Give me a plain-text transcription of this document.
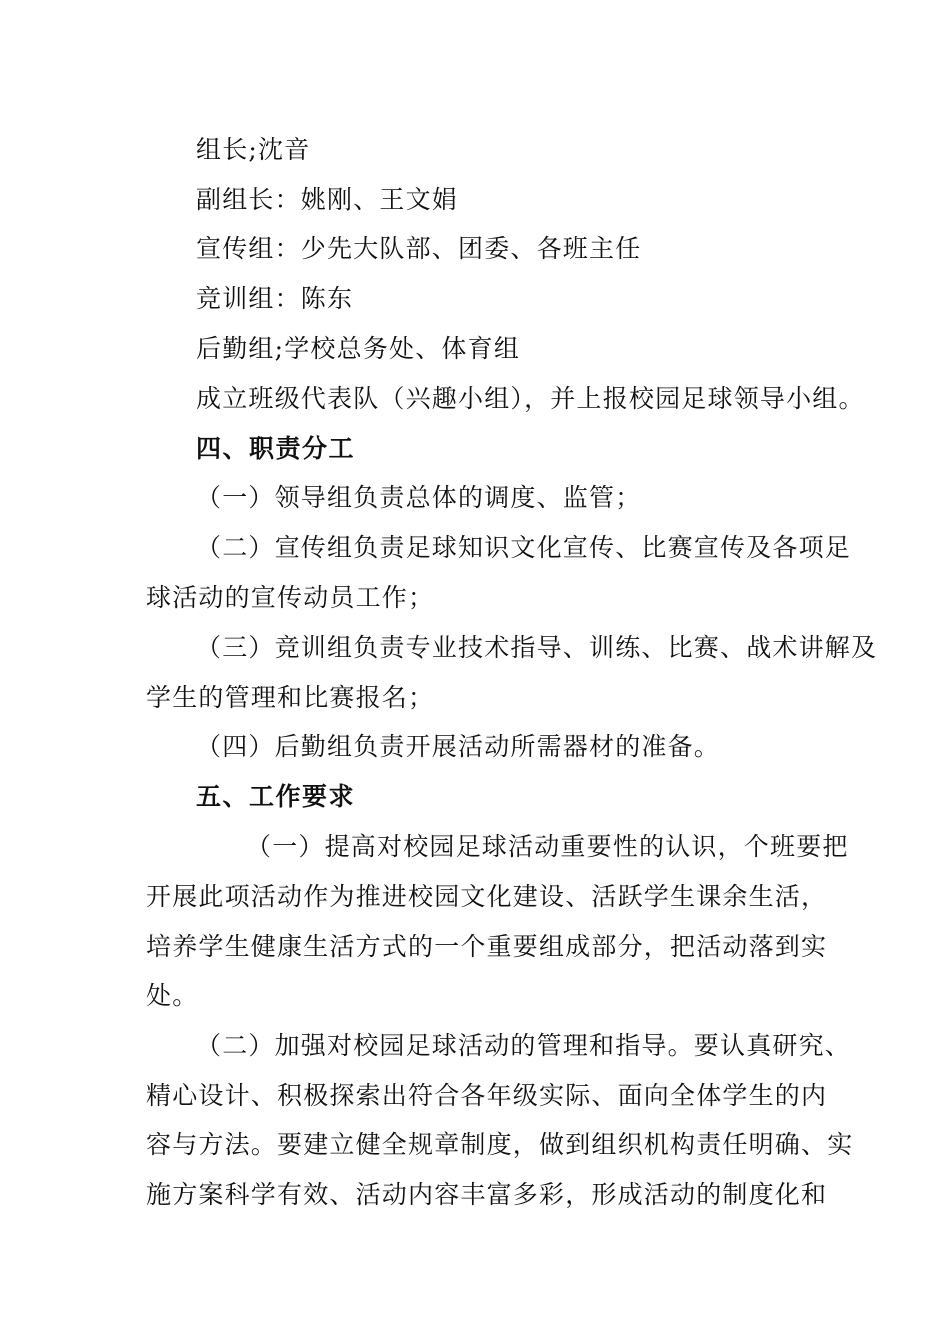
组长;沈音
副组长：姚刚、王文娟
宣传组：少先大队部、团委、各班主任
竞训组：陈东
后勤组;学校总务处、体育组
成立班级代表队（兴趣小组），并上报校园足球领导小组。
四、职责分工
（一）领导组负责总体的调度、监管；
（二）宣传组负责足球知识文化宣传、比赛宣传及各项足
球活动的宣传动员工作；
（三）竞训组负责专业技术指导、训练、比赛、战术讲解及
学生的管理和比赛报名；
（四）后勤组负责开展活动所需器材的准备。
五、工作要求
（一）提高对校园足球活动重要性的认识，个班要把
开展此项活动作为推进校园文化建设、活跃学生课余生活，
培养学生健康生活方式的一个重要组成部分，把活动落到实
处。
（二）加强对校园足球活动的管理和指导。要认真研究、
精心设计、积极探索出符合各年级实际、面向全体学生的内
容与方法。要建立健全规章制度，做到组织机构责任明确、实
施方案科学有效、活动内容丰富多彩，形成活动的制度化和
